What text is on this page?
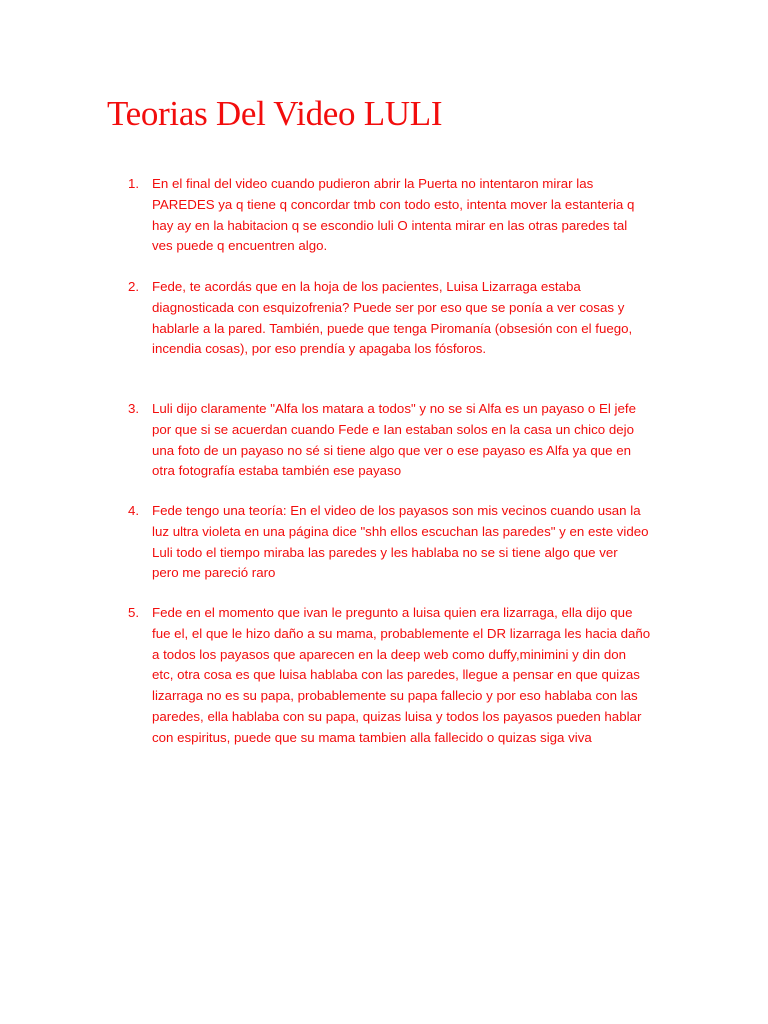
Teorias Del Video LULI
1. En el final del video cuando pudieron abrir la Puerta no intentaron mirar las
PAREDES ya q tiene q concordar tmb con todo esto, intenta mover la estanteria q
hay ay en la habitacion q se escondio luli O intenta mirar en las otras paredes tal
ves puede q encuentren algo.
2. Fede, te acordás que en la hoja de los pacientes, Luisa Lizarraga estaba
diagnosticada con esquizofrenia? Puede ser por eso que se ponía a ver cosas y
hablarle a la pared. También, puede que tenga Piromanía (obsesión con el fuego,
incendia cosas), por eso prendía y apagaba los fósforos.
3. Luli dijo claramente "Alfa los matara a todos" y no se si Alfa es un payaso o El jefe
por que si se acuerdan cuando Fede e Ian estaban solos en la casa un chico dejo
una foto de un payaso no sé si tiene algo que ver o ese payaso es Alfa ya que en
otra fotografía estaba también ese payaso
4. Fede tengo una teoría: En el video de los payasos son mis vecinos cuando usan la
luz ultra violeta en una página dice "shh ellos escuchan las paredes" y en este video
Luli todo el tiempo miraba las paredes y les hablaba no se si tiene algo que ver
pero me pareció raro
5. Fede en el momento que ivan le pregunto a luisa quien era lizarraga, ella dijo que
fue el, el que le hizo daño a su mama, probablemente el DR lizarraga les hacia daño
a todos los payasos que aparecen en la deep web como duffy,minimini y din don
etc, otra cosa es que luisa hablaba con las paredes, llegue a pensar en que quizas
lizarraga no es su papa, probablemente su papa fallecio y por eso hablaba con las
paredes, ella hablaba con su papa, quizas luisa y todos los payasos pueden hablar
con espiritus, puede que su mama tambien alla fallecido o quizas siga viva
